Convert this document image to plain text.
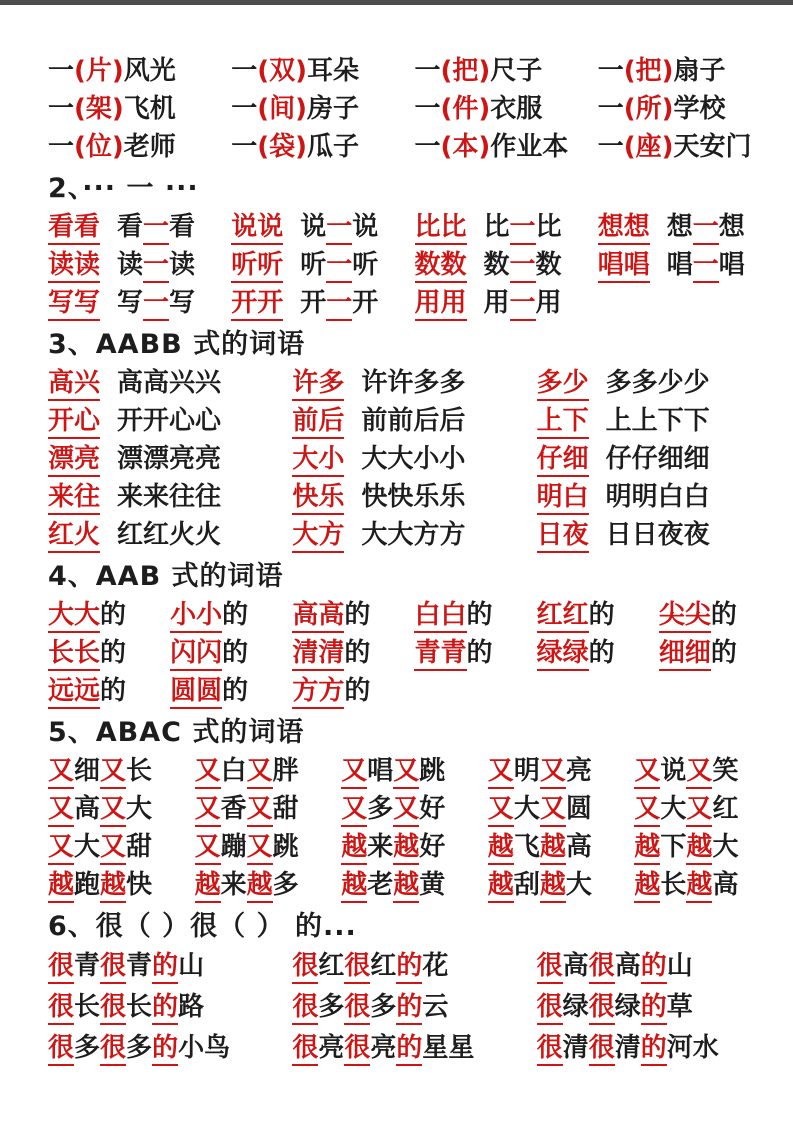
一(片)风光	一(双)耳朵	一(把)尺子	一(把)扇子
一(架)飞机	一(间)房子	一(件)衣服	一(所)学校
一(位)老师	一(袋)瓜子	一(本)作业本	一(座)天安门
2、··· 一 ···
看看 看一看	说说 说一说	比比 比一比	想想 想一想
读读 读一读	听听 听一听	数数 数一数	唱唱 唱一唱
写写 写一写	开开 开一开	用用 用一用
3、AABB 式的词语
高兴 高高兴兴	许多 许许多多	多少 多多少少
开心 开开心心	前后 前前后后	上下 上上下下
漂亮 漂漂亮亮	大小 大大小小	仔细 仔仔细细
来往 来来往往	快乐 快快乐乐	明白 明明白白
红火 红红火火	大方 大大方方	日夜 日日夜夜
4、AAB 式的词语
大大的	小小的	高高的	白白的	红红的	尖尖的
长长的	闪闪的	清清的	青青的	绿绿的	细细的
远远的	圆圆的	方方的
5、ABAC 式的词语
又细又长	又白又胖	又唱又跳	又明又亮	又说又笑
又高又大	又香又甜	又多又好	又大又圆	又大又红
又大又甜	又蹦又跳	越来越好	越飞越高	越下越大
越跑越快	越来越多	越老越黄	越刮越大	越长越高
6、很（ ）很（ ） 的...
很青很青的山	很红很红的花	很高很高的山
很长很长的路	很多很多的云	很绿很绿的草
很多很多的小鸟	很亮很亮的星星	很清很清的河水
